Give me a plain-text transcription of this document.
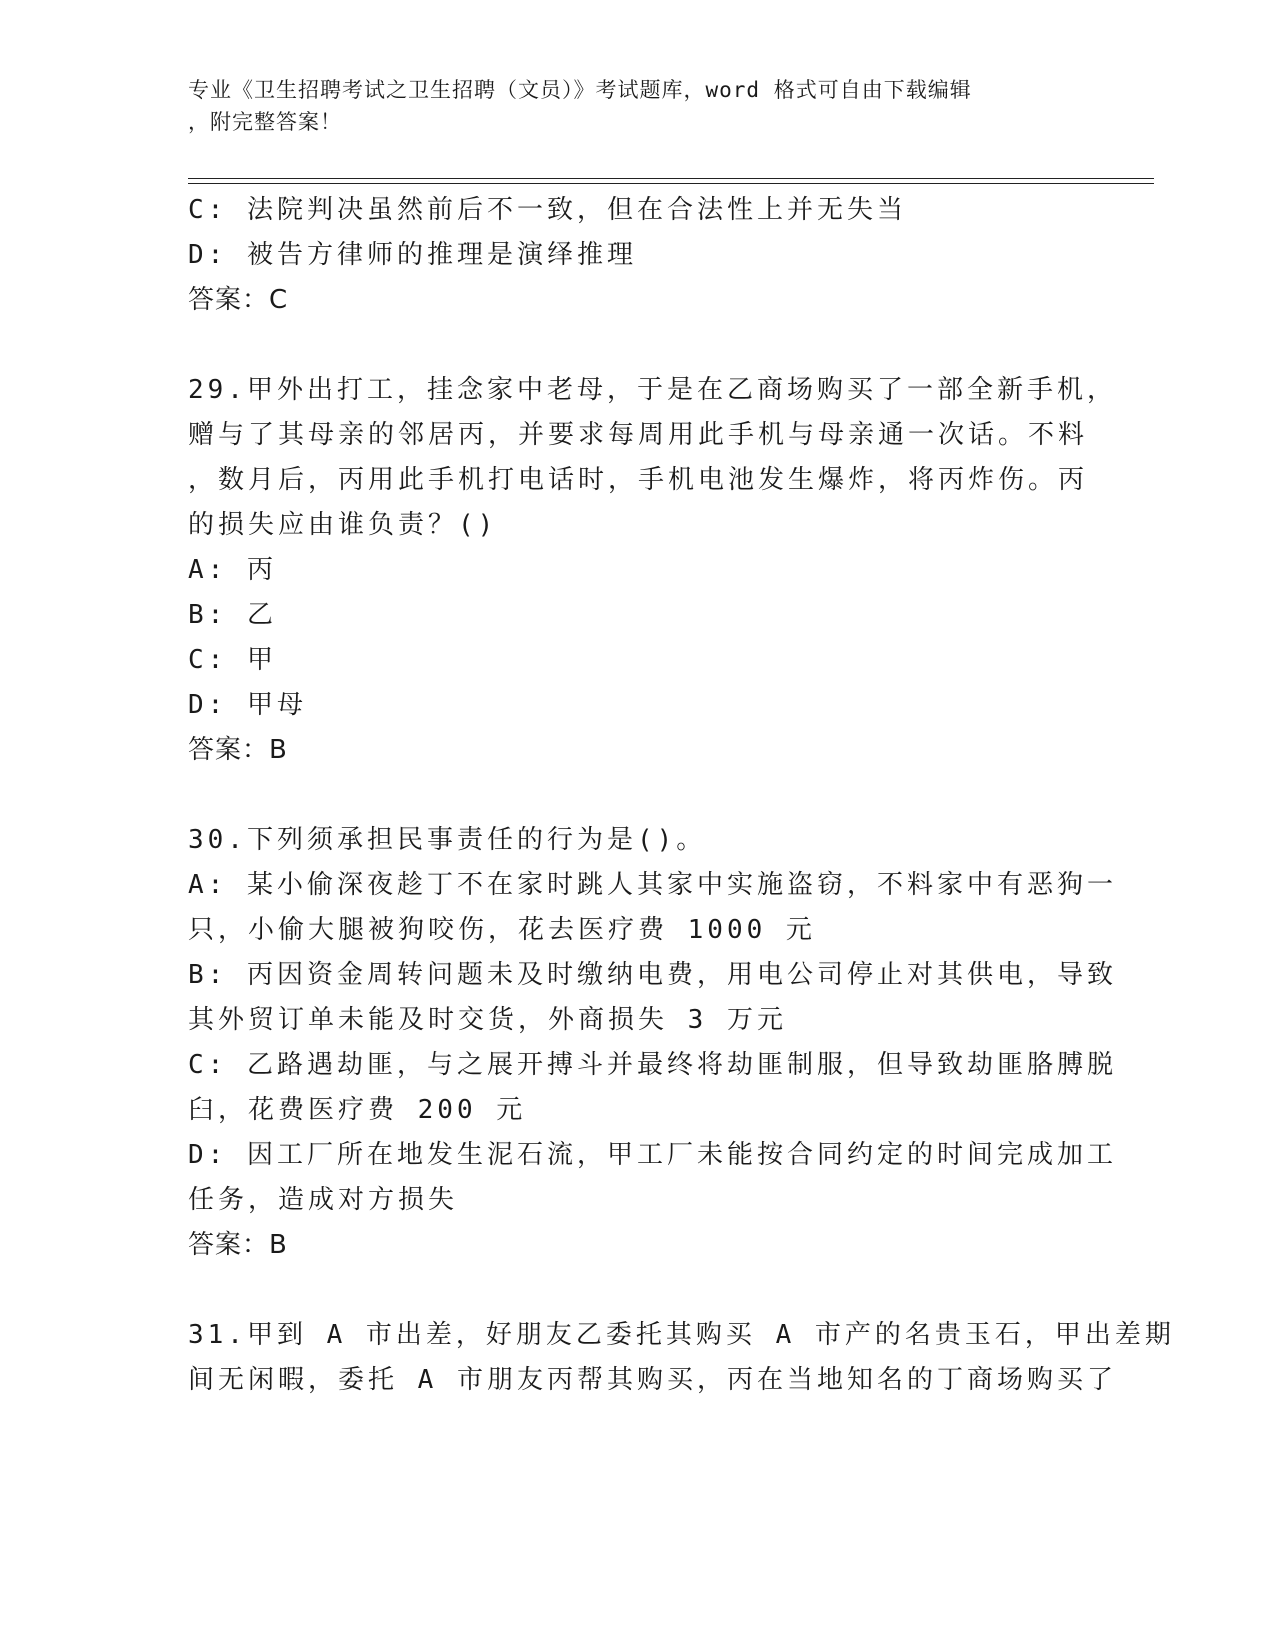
专业《卫生招聘考试之卫生招聘（文员）》考试题库，word 格式可自由下载编辑
，附完整答案！
C: 法院判决虽然前后不一致，但在合法性上并无失当
D: 被告方律师的推理是演绎推理
答案：C
29.甲外出打工，挂念家中老母，于是在乙商场购买了一部全新手机，
赠与了其母亲的邻居丙，并要求每周用此手机与母亲通一次话。不料
，数月后，丙用此手机打电话时，手机电池发生爆炸，将丙炸伤。丙
的损失应由谁负责？()
A: 丙
B: 乙
C: 甲
D: 甲母
答案：B
30.下列须承担民事责任的行为是()。
A: 某小偷深夜趁丁不在家时跳人其家中实施盗窃，不料家中有恶狗一
只，小偷大腿被狗咬伤，花去医疗费 1000 元
B: 丙因资金周转问题未及时缴纳电费，用电公司停止对其供电，导致
其外贸订单未能及时交货，外商损失 3 万元
C: 乙路遇劫匪，与之展开搏斗并最终将劫匪制服，但导致劫匪胳膊脱
臼，花费医疗费 200 元
D: 因工厂所在地发生泥石流，甲工厂未能按合同约定的时间完成加工
任务，造成对方损失
答案：B
31.甲到 A 市出差，好朋友乙委托其购买 A 市产的名贵玉石，甲出差期
间无闲暇，委托 A 市朋友丙帮其购买，丙在当地知名的丁商场购买了
